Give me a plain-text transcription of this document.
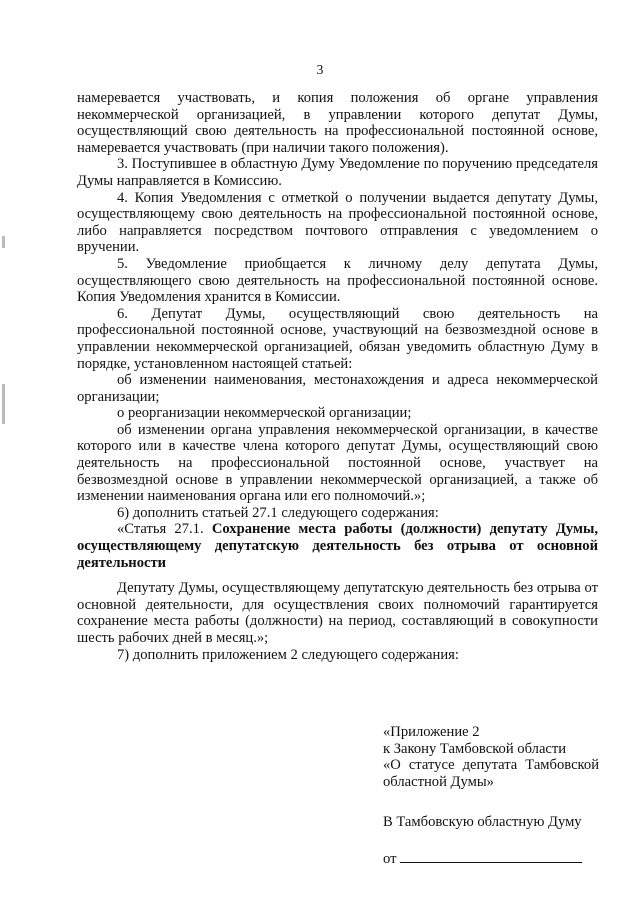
3

намеревается участвовать, и копия положения об органе управления некоммерческой организацией, в управлении которого депутат Думы, осуществляющий свою деятельность на профессиональной постоянной основе, намеревается участвовать (при наличии такого положения).

3. Поступившее в областную Думу Уведомление по поручению председателя Думы направляется в Комиссию.

4. Копия Уведомления с отметкой о получении выдается депутату Думы, осуществляющему свою деятельность на профессиональной постоянной основе, либо направляется посредством почтового отправления с уведомлением о вручении.

5. Уведомление приобщается к личному делу депутата Думы, осуществляющего свою деятельность на профессиональной постоянной основе. Копия Уведомления хранится в Комиссии.

6. Депутат Думы, осуществляющий свою деятельность на профессиональной постоянной основе, участвующий на безвозмездной основе в управлении некоммерческой организацией, обязан уведомить областную Думу в порядке, установленном настоящей статьей:

об изменении наименования, местонахождения и адреса некоммерческой организации;

о реорганизации некоммерческой организации;

об изменении органа управления некоммерческой организации, в качестве которого или в качестве члена которого депутат Думы, осуществляющий свою деятельность на профессиональной постоянной основе, участвует на безвозмездной основе в управлении некоммерческой организацией, а также об изменении наименования органа или его полномочий.»;

6) дополнить статьей 27.1 следующего содержания:

«Статья 27.1. Сохранение места работы (должности) депутату Думы, осуществляющему депутатскую деятельность без отрыва от основной деятельности

Депутату Думы, осуществляющему депутатскую деятельность без отрыва от основной деятельности, для осуществления своих полномочий гарантируется сохранение места работы (должности) на период, составляющий в совокупности шесть рабочих дней в месяц.»;

7) дополнить приложением 2 следующего содержания:

«Приложение 2

к Закону Тамбовской области

«О статусе депутата Тамбовской областной Думы»

В Тамбовскую областную Думу
от
